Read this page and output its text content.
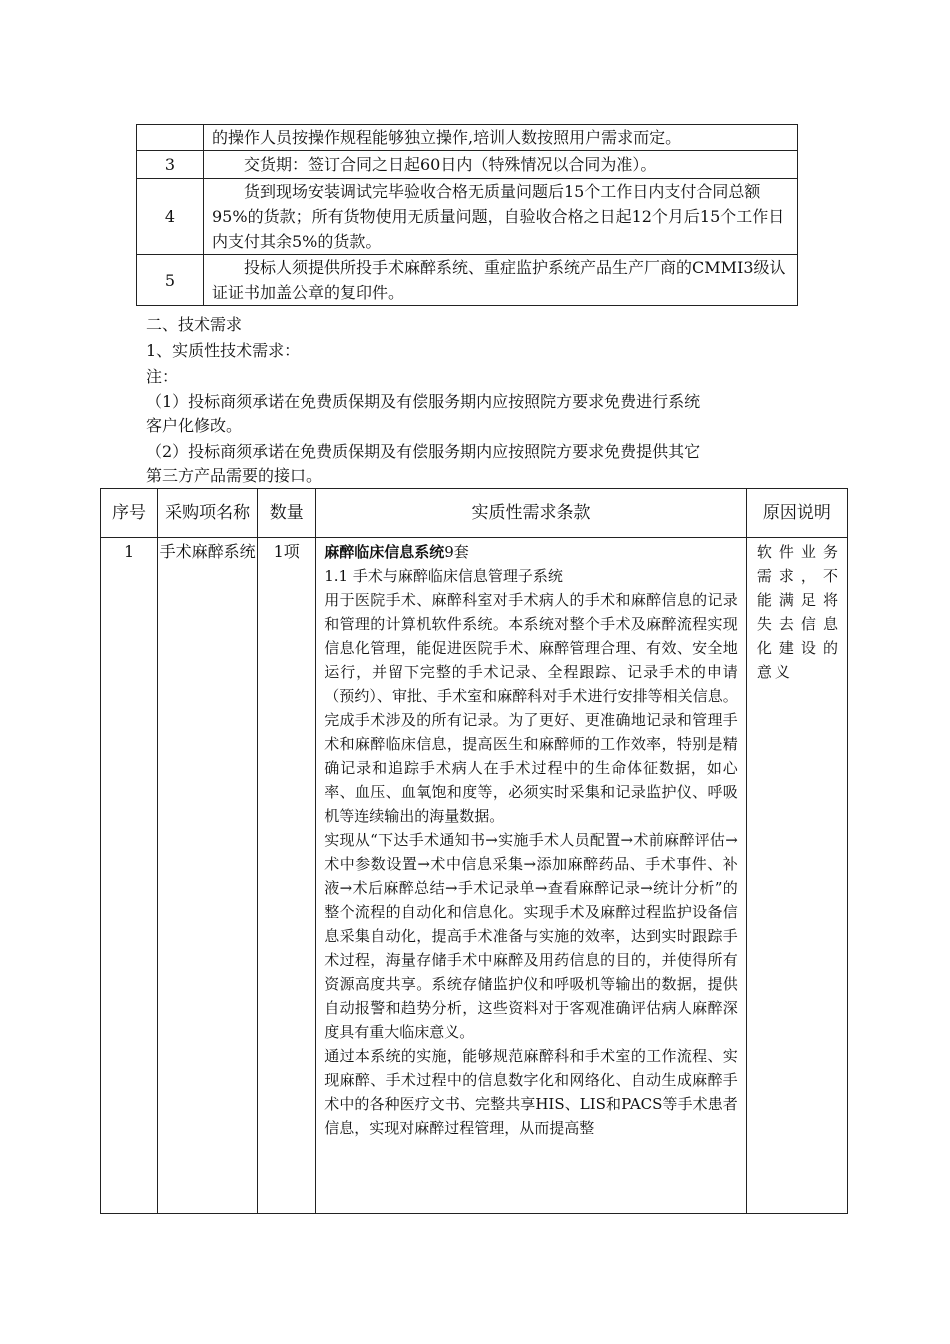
	的操作人员按操作规程能够独立操作,培训人数按照用户需求而定。
3	交货期：签订合同之日起60日内（特殊情况以合同为准）。
4	货到现场安装调试完毕验收合格无质量问题后15个工作日内支付合同总额95%的货款；所有货物使用无质量问题，自验收合格之日起12个月后15个工作日内支付其余5%的货款。
5	投标人须提供所投手术麻醉系统、重症监护系统产品生产厂商的CMMI3级认证证书加盖公章的复印件。
二、技术需求
1、实质性技术需求：
注：
（1）投标商须承诺在免费质保期及有偿服务期内应按照院方要求免费进行系统
客户化修改。
（2）投标商须承诺在免费质保期及有偿服务期内应按照院方要求免费提供其它
第三方产品需要的接口。
序号	采购项名称	数量	实质性需求条款	原因说明
1	手术麻醉系统	1项	麻醉临床信息系统9套

1.1 手术与麻醉临床信息管理子系统

用于医院手术、麻醉科室对手术病人的手术和麻醉信息的记录和管理的计算机软件系统。本系统对整个手术及麻醉流程实现信息化管理，能促进医院手术、麻醉管理合理、有效、安全地运行，并留下完整的手术记录、全程跟踪、记录手术的申请（预约）、审批、手术室和麻醉科对手术进行安排等相关信息。完成手术涉及的所有记录。为了更好、更准确地记录和管理手术和麻醉临床信息，提高医生和麻醉师的工作效率，特别是精确记录和追踪手术病人在手术过程中的生命体征数据，如心率、血压、血氧饱和度等，必须实时采集和记录监护仪、呼吸机等连续输出的海量数据。

实现从“下达手术通知书→实施手术人员配置→术前麻醉评估→术中参数设置→术中信息采集→添加麻醉药品、手术事件、补液→术后麻醉总结→手术记录单→查看麻醉记录→统计分析”的整个流程的自动化和信息化。实现手术及麻醉过程监护设备信息采集自动化，提高手术准备与实施的效率，达到实时跟踪手术过程，海量存储手术中麻醉及用药信息的目的，并使得所有资源高度共享。系统存储监护仪和呼吸机等输出的数据，提供自动报警和趋势分析，这些资料对于客观准确评估病人麻醉深度具有重大临床意义。

通过本系统的实施，能够规范麻醉科和手术室的工作流程、实现麻醉、手术过程中的信息数字化和网络化、自动生成麻醉手术中的各种医疗文书、完整共享HIS、LIS和PACS等手术患者信息，实现对麻醉过程管理，从而提高整	软件业务需求，不能满足将失去信息化建设的意义
